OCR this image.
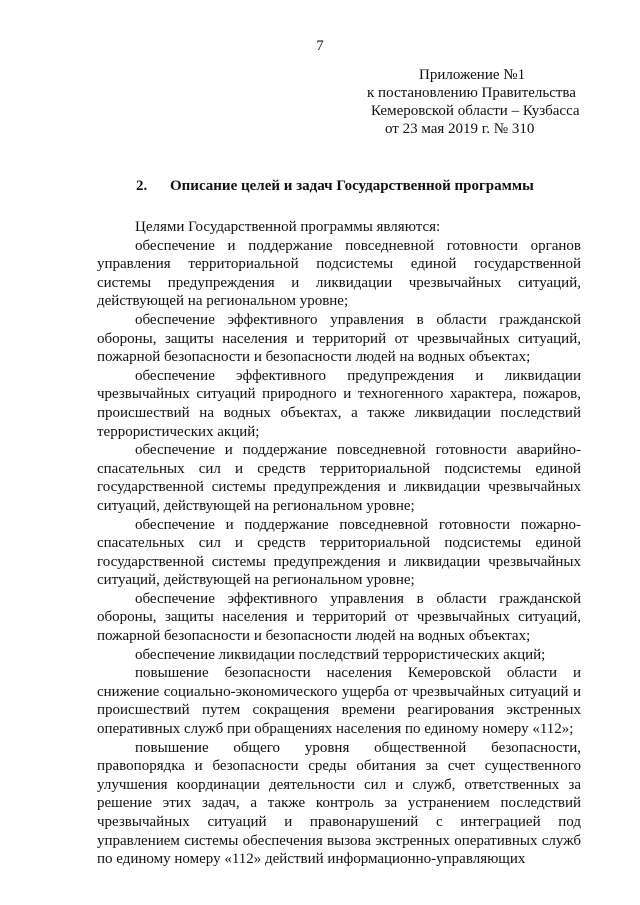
7
Приложение №1
к постановлению Правительства
Кемеровской области – Кузбасса
от 23 мая 2019 г. № 310
2. Описание целей и задач Государственной программы

Целями Государственной программы являются:

обеспечение и поддержание повседневной готовности органов управления территориальной подсистемы единой государственной системы предупреждения и ликвидации чрезвычайных ситуаций, действующей на региональном уровне;

обеспечение эффективного управления в области гражданской обороны, защиты населения и территорий от чрезвычайных ситуаций, пожарной безопасности и безопасности людей на водных объектах;

обеспечение эффективного предупреждения и ликвидации чрезвычайных ситуаций природного и техногенного характера, пожаров, происшествий на водных объектах, а также ликвидации последствий террористических акций;

обеспечение и поддержание повседневной готовности аварийно-спасательных сил и средств территориальной подсистемы единой государственной системы предупреждения и ликвидации чрезвычайных ситуаций, действующей на региональном уровне;

обеспечение и поддержание повседневной готовности пожарно-спасательных сил и средств территориальной подсистемы единой государственной системы предупреждения и ликвидации чрезвычайных ситуаций, действующей на региональном уровне;

обеспечение эффективного управления в области гражданской обороны, защиты населения и территорий от чрезвычайных ситуаций, пожарной безопасности и безопасности людей на водных объектах;

обеспечение ликвидации последствий террористических акций;

повышение безопасности населения Кемеровской области и снижение социально-экономического ущерба от чрезвычайных ситуаций и происшествий путем сокращения времени реагирования экстренных оперативных служб при обращениях населения по единому номеру «112»;

повышение общего уровня общественной безопасности, правопорядка и безопасности среды обитания за счет существенного улучшения координации деятельности сил и служб, ответственных за решение этих задач, а также контроль за устранением последствий чрезвычайных ситуаций и правонарушений с интеграцией под управлением системы обеспечения вызова экстренных оперативных служб по единому номеру «112» действий информационно-управляющих
